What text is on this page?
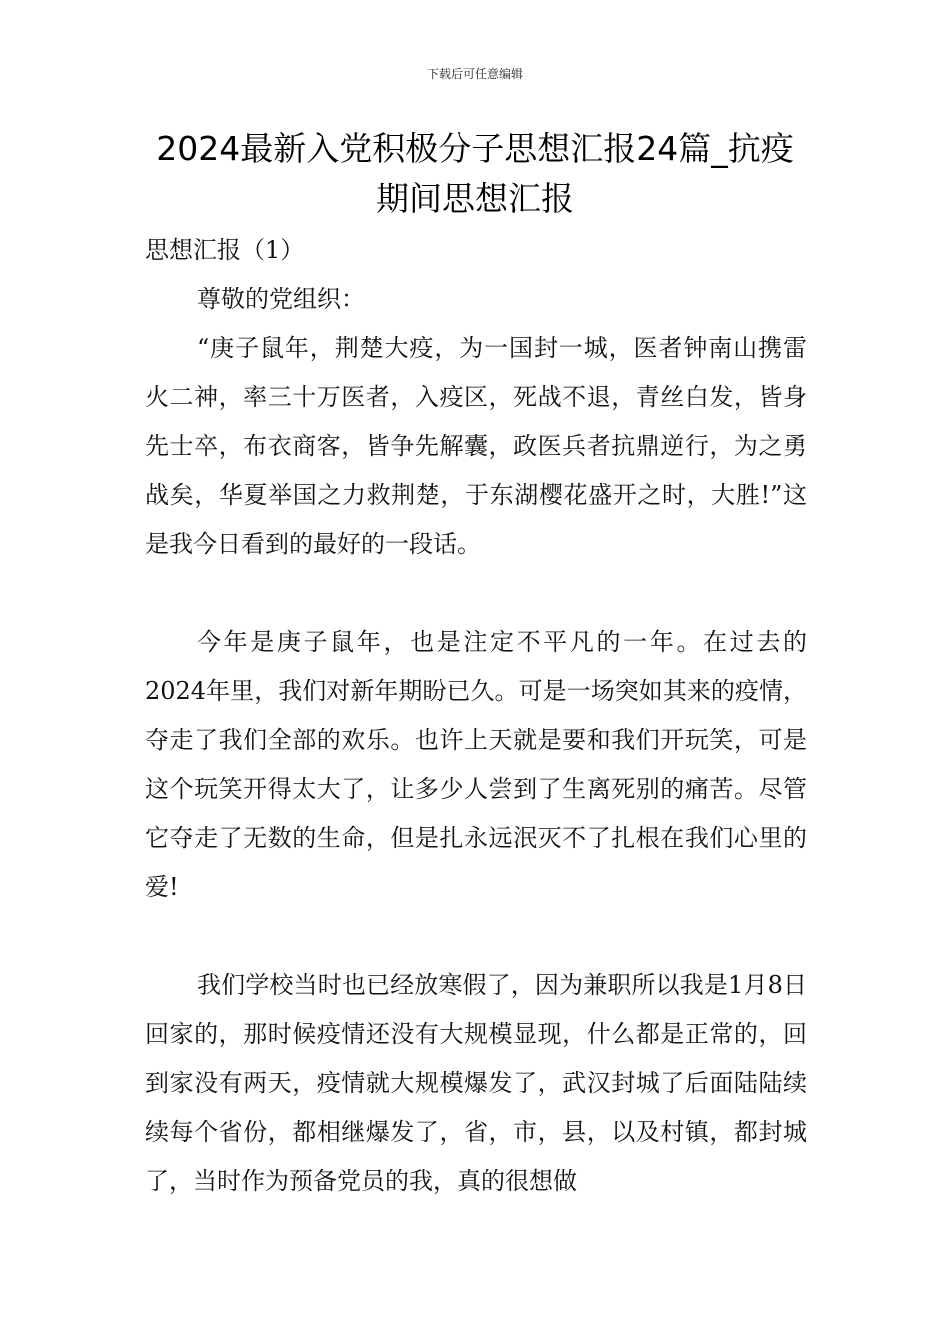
下载后可任意编辑
2024最新入党积极分子思想汇报24篇_抗疫期间思想汇报

思想汇报（1）

尊敬的党组织：

“庚子鼠年，荆楚大疫，为一国封一城，医者钟南山携雷火二神，率三十万医者，入疫区，死战不退，青丝白发，皆身先士卒，布衣商客，皆争先解囊，政医兵者抗鼎逆行，为之勇战矣，华夏举国之力救荆楚，于东湖樱花盛开之时，大胜!”这是我今日看到的最好的一段话。

今年是庚子鼠年，也是注定不平凡的一年。在过去的2024年里，我们对新年期盼已久。可是一场突如其来的疫情，夺走了我们全部的欢乐。也许上天就是要和我们开玩笑，可是这个玩笑开得太大了，让多少人尝到了生离死别的痛苦。尽管它夺走了无数的生命，但是扎永远泯灭不了扎根在我们心里的爱!

我们学校当时也已经放寒假了，因为兼职所以我是1月8日回家的，那时候疫情还没有大规模显现，什么都是正常的，回到家没有两天，疫情就大规模爆发了，武汉封城了后面陆陆续续每个省份，都相继爆发了，省，市，县，以及村镇，都封城了，当时作为预备党员的我，真的很想做
